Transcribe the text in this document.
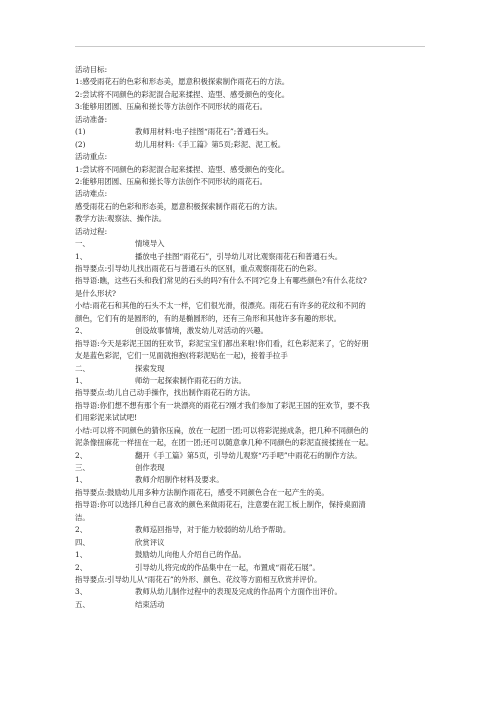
活动目标:
1:感受雨花石的色彩和形态美，愿意积极探索制作雨花石的方法。
2:尝试将不同颜色的彩泥混合起来揉捏、造型、感受颜色的变化。
3:能够用团圆、压扁和搓长等方法创作不同形状的雨花石。
活动准备:
(1)	教师用材料:电子挂图“雨花石”;普通石头。
(2)	幼儿用材料:《手工篇》第5页;彩泥、泥工板。
活动重点:
1:尝试将不同颜色的彩泥混合起来揉捏、造型、感受颜色的变化。
2:能够用团圆、压扁和搓长等方法创作不同形状的雨花石。
活动难点:
感受雨花石的色彩和形态美，愿意积极探索制作雨花石的方法。
教学方法:观察法、操作法。
活动过程:
一、	情境导入
1、	播放电子挂图“雨花石”，引导幼儿对比观察雨花石和普通石头。
指导要点:引导幼儿找出雨花石与普通石头的区别，重点观察雨花石的色彩。
指导语:瞧，这些石头和我们常见的石头的吗?有什么不同?它身上有哪些颜色?有什么花纹?
是什么形状?
小结:雨花石和其他的石头不太一样，它们很光滑，很漂亮。雨花石有许多的花纹和不同的
颜色，它们有的是圆形的，有的是椭圆形的，还有三角形和其他许多有趣的形状。
2、	创设故事情境，激发幼儿对活动的兴趣。
指导语:今天是彩泥王国的狂欢节，彩泥宝宝们都出来啦!你们看，红色彩泥来了，它的好朋
友是蓝色彩泥，它们一见面就抱抱(将彩泥贴在一起)，接着手拉手
二、	探索发现
1、	师幼一起探索制作雨花石的方法。
指导要点:幼儿自己动手操作，找出制作雨花石的方法。
指导语:你们想不想有那个有一块漂亮的雨花石?刚才我们参加了彩泥王国的狂欢节，要不我
们用彩泥来试试吧!
小结:可以将不同颜色的猜你压扁，放在一起团一团;可以将彩泥搓成条，把几种不同颜色的
泥条像扭麻花一样扭在一起，在团一团;还可以随意拿几种不同颜色的彩泥直接揉搓在一起。
2、	翻开《手工篇》第5页，引导幼儿观察“巧手吧”中雨花石的制作方法。
三、	创作表现
1、	教师介绍制作材料及要求。
指导要点:鼓励幼儿用多种方法制作雨花石，感受不同颜色合在一起产生的美。
指导语:你可以选择几种自己喜欢的颜色来做雨花石，注意要在泥工板上制作，保持桌面清
洁。
2、	教师巡回指导，对于能力较弱的幼儿给予帮助。
四、	欣赏评议
1、	鼓励幼儿向他人介绍自己的作品。
2、	引导幼儿将完成的作品集中在一起，布置成“雨花石展”。
指导要点:引导幼儿从“雨花石”的外形、颜色、花纹等方面相互欣赏并评价。
3、	教师从幼儿制作过程中的表现及完成的作品两个方面作出评价。
五、	结束活动
